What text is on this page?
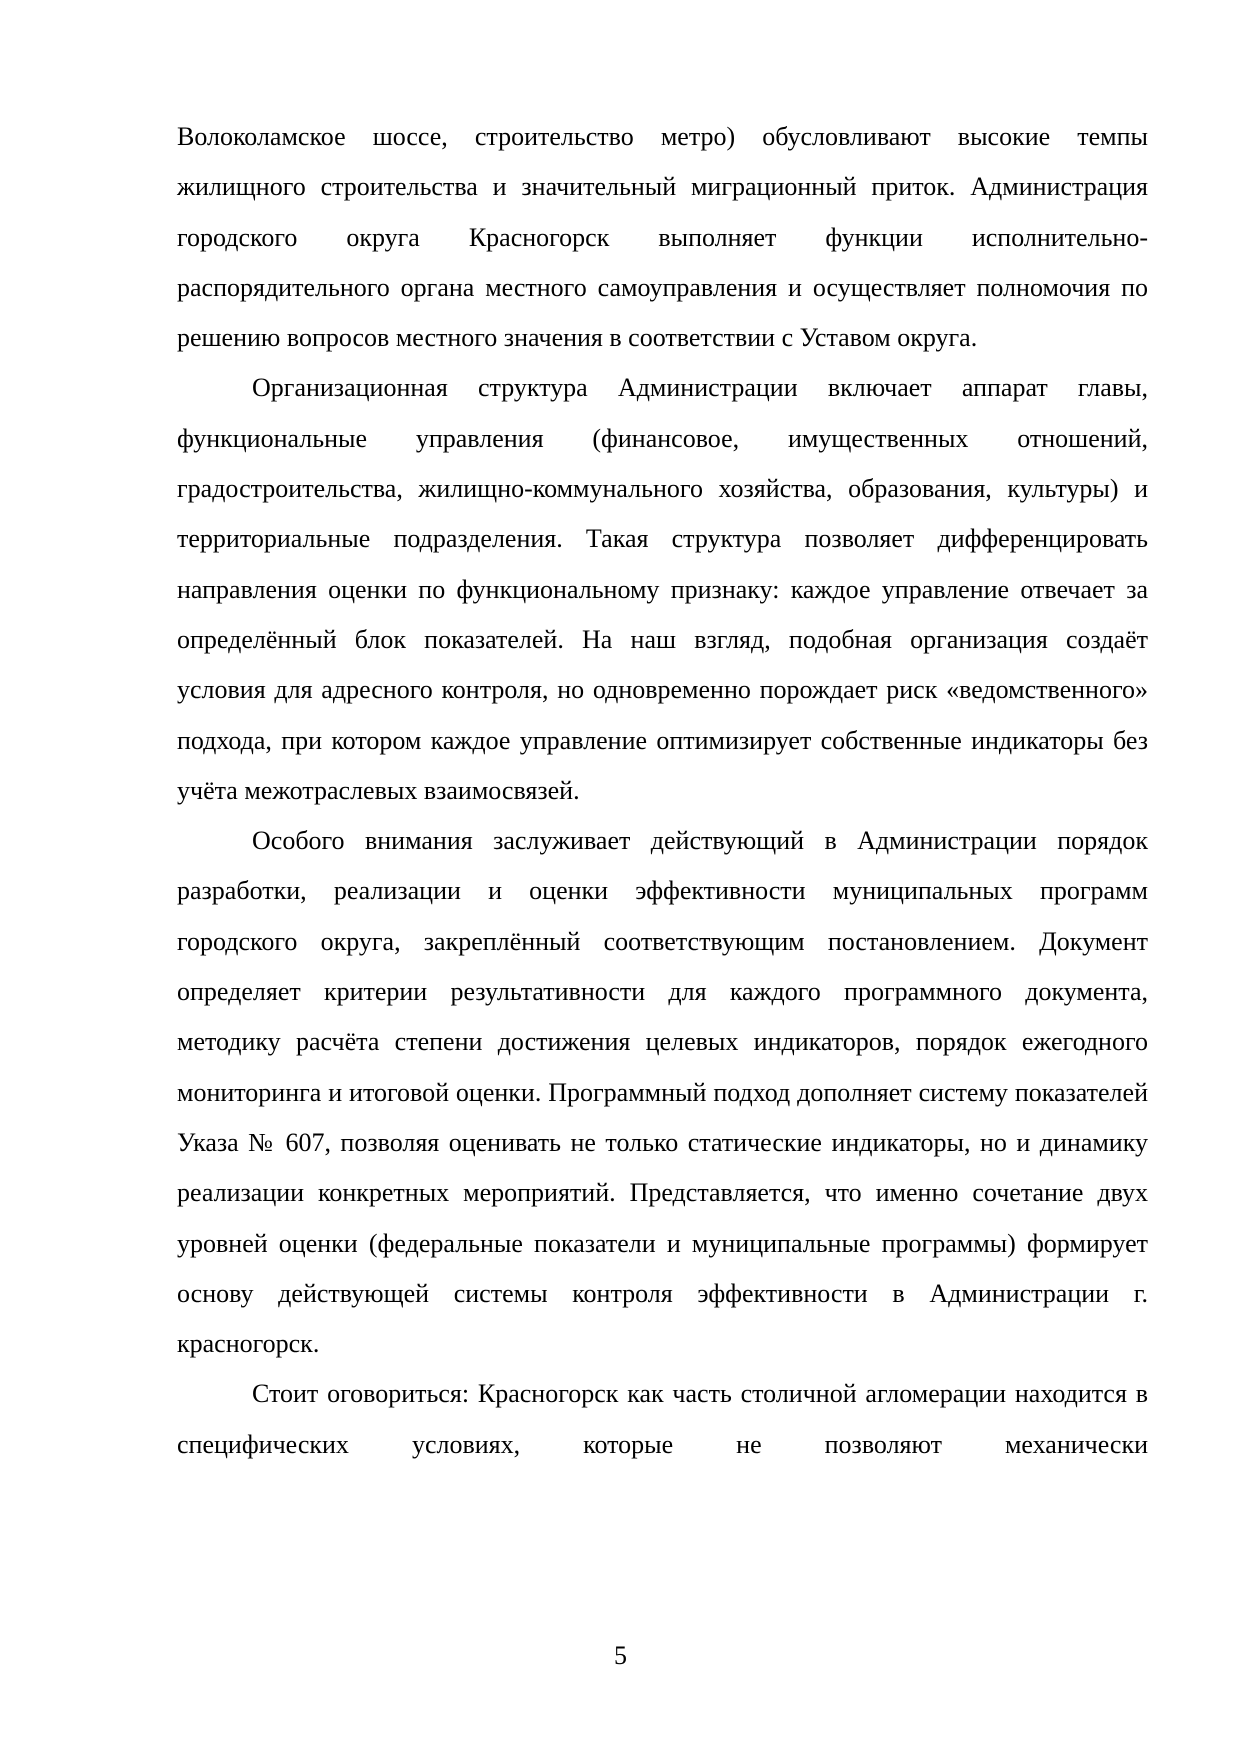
Волоколамское шоссе, строительство метро) обусловливают высокие темпы жилищного строительства и значительный миграционный приток. Администрация городского округа Красногорск выполняет функции исполнительно-распорядительного органа местного самоуправления и осуществляет полномочия по решению вопросов местного значения в соответствии с Уставом округа.

Организационная структура Администрации включает аппарат главы, функциональные управления (финансовое, имущественных отношений, градостроительства, жилищно-коммунального хозяйства, образования, культуры) и территориальные подразделения. Такая структура позволяет дифференцировать направления оценки по функциональному признаку: каждое управление отвечает за определённый блок показателей. На наш взгляд, подобная организация создаёт условия для адресного контроля, но одновременно порождает риск «ведомственного» подхода, при котором каждое управление оптимизирует собственные индикаторы без учёта межотраслевых взаимосвязей.

Особого внимания заслуживает действующий в Администрации порядок разработки, реализации и оценки эффективности муниципальных программ городского округа, закреплённый соответствующим постановлением. Документ определяет критерии результативности для каждого программного документа, методику расчёта степени достижения целевых индикаторов, порядок ежегодного мониторинга и итоговой оценки. Программный подход дополняет систему показателей Указа № 607, позволяя оценивать не только статические индикаторы, но и динамику реализации конкретных мероприятий. Представляется, что именно сочетание двух уровней оценки (федеральные показатели и муниципальные программы) формирует основу действующей системы контроля эффективности в Администрации г. красногорск.

Стоит оговориться: Красногорск как часть столичной агломерации находится в специфических условиях, которые не позволяют механически

5
